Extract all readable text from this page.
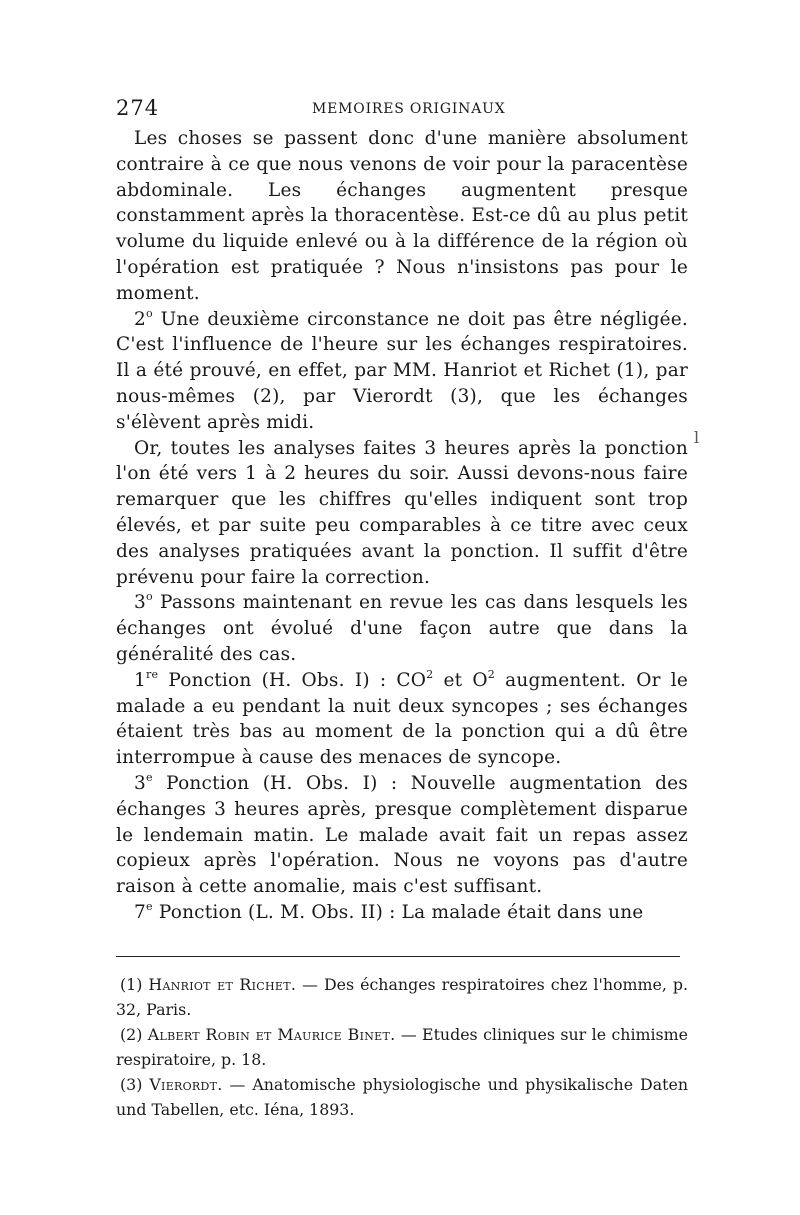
274	MEMOIRES ORIGINAUX

Les choses se passent donc d'une manière absolument contraire à ce que nous venons de voir pour la paracentèse abdominale. Les échanges augmentent presque constamment après la thoracentèse. Est-ce dû au plus petit volume du liquide enlevé ou à la différence de la région où l'opération est pratiquée ? Nous n'insistons pas pour le moment.

2$^o$ Une deuxième circonstance ne doit pas être négligée. C'est l'influence de l'heure sur les échanges respiratoires. Il a été prouvé, en effet, par MM. Hanriot et Richet (1), par nous-mêmes (2), par Vierordt (3), que les échanges s'élèvent après midi.

Or, toutes les analyses faites 3 heures après la ponction l'on été vers 1 à 2 heures du soir. Aussi devons-nous faire remarquer que les chiffres qu'elles indiquent sont trop élevés, et par suite peu comparables à ce titre avec ceux des analyses pratiquées avant la ponction. Il suffit d'être prévenu pour faire la correction.

3$^o$ Passons maintenant en revue les cas dans lesquels les échanges ont évolué d'une façon autre que dans la généralité des cas.

1re Ponction (H. Obs. I) : $CO^2$ et $O^2$ augmentent. Or le malade a eu pendant la nuit deux syncopes ; ses échanges étaient très bas au moment de la ponction qui a dû être interrompue à cause des menaces de syncope.

3e Ponction (H. Obs. I) : Nouvelle augmentation des échanges 3 heures après, presque complètement disparue le lendemain matin. Le malade avait fait un repas assez copieux après l'opération. Nous ne voyons pas d'autre raison à cette anomalie, mais c'est suffisant.

7e Ponction (L. M. Obs. II) : La malade était dans une

l

(1) Hanriot et Richet. — Des échanges respiratoires chez l'homme, p. 32, Paris.

(2) Albert Robin et Maurice Binet. — Etudes cliniques sur le chimisme respiratoire, p. 18.

(3) Vierordt. — Anatomische physiologische und physikalische Daten und Tabellen, etc. Iéna, 1893.
